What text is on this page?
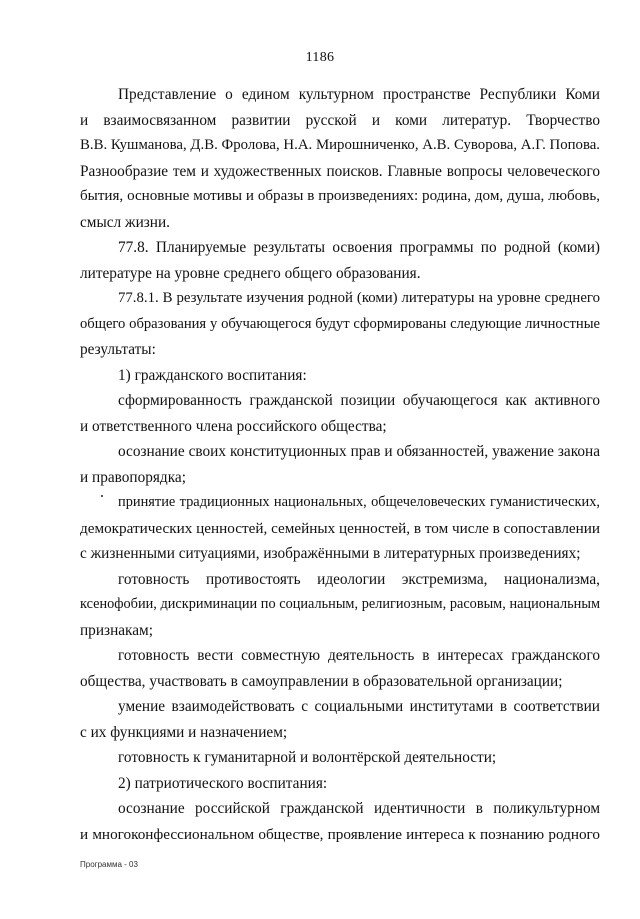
1186
Представление о едином культурном пространстве Республики Коми
и взаимосвязанном развитии русской и коми литератур. Творчество
В.В. Кушманова, Д.В. Фролова, Н.А. Мирошниченко, А.В. Суворова, А.Г. Попова.
Разнообразие тем и художественных поисков. Главные вопросы человеческого
бытия, основные мотивы и образы в произведениях: родина, дом, душа, любовь,
смысл жизни.
77.8. Планируемые результаты освоения программы по родной (коми)
литературе на уровне среднего общего образования.
77.8.1. В результате изучения родной (коми) литературы на уровне среднего
общего образования у обучающегося будут сформированы следующие личностные
результаты:
1) гражданского воспитания:
сформированность гражданской позиции обучающегося как активного
и ответственного члена российского общества;
осознание своих конституционных прав и обязанностей, уважение закона
и правопорядка;
принятие традиционных национальных, общечеловеческих гуманистических,
демократических ценностей, семейных ценностей, в том числе в сопоставлении
с жизненными ситуациями, изображёнными в литературных произведениях;
готовность противостоять идеологии экстремизма, национализма,
ксенофобии, дискриминации по социальным, религиозным, расовым, национальным
признакам;
готовность вести совместную деятельность в интересах гражданского
общества, участвовать в самоуправлении в образовательной организации;
умение взаимодействовать с социальными институтами в соответствии
с их функциями и назначением;
готовность к гуманитарной и волонтёрской деятельности;
2) патриотического воспитания:
осознание российской гражданской идентичности в поликультурном
и многоконфессиональном обществе, проявление интереса к познанию родного
Программа - 03
